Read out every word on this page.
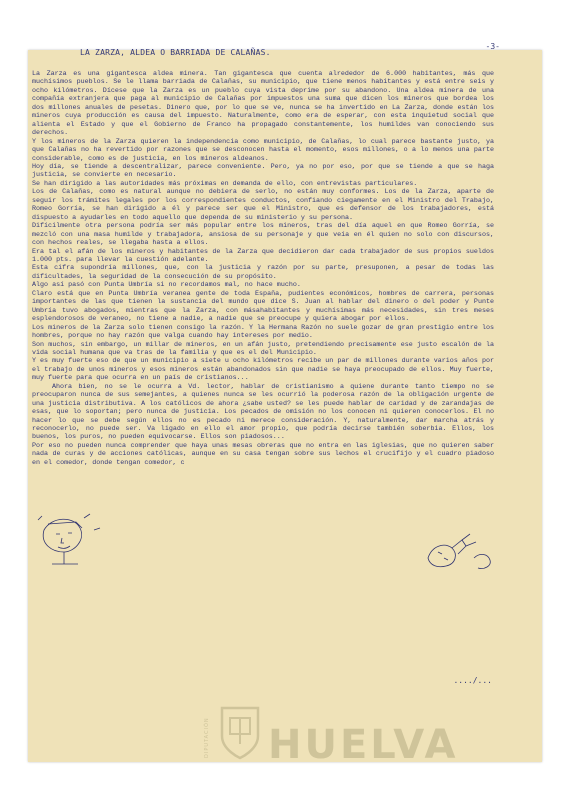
-3-
LA ZARZA, ALDEA O BARRIADA DE CALAÑAS.

La Zarza es una gigantesca aldea minera. Tan gigantesca que cuenta alrededor de 6.000 habitantes, más que muchísimos pueblos. Se le llama barriada de Calañas, su municipio, que tiene menos habitantes y está entre seis y ocho kilómetros. Dícese que la Zarza es un pueblo cuya vista deprime por su abandono. Una aldea minera de una compañía extranjera que paga al municipio de Calañas por impuestos una suma que dicen los mineros que bordea los dos millones anuales de pesetas. Dinero que, por lo que se ve, nunca se ha invertido en La Zarza, donde están los mineros cuya producción es causa del impuesto. Naturalmente, como era de esperar, con esta inquietud social que alienta el Estado y que el Gobierno de Franco ha propagado constantemente, los humildes van conociendo sus derechos.

Y los mineros de la Zarza quieren la independencia como municipio, de Calañas, lo cual parece bastante justo, ya que Calañas no ha revertido por razones que se desconocen hasta el momento, esos millones, o a lo menos una parte considerable, como es de justicia, en los mineros aldeanos.

Hoy día, se tiende a descentralizar, parece conveniente. Pero, ya no por eso, por que se tiende a que se haga justicia, se convierte en necesario.

Se han dirigido a las autoridades más próximas en demanda de ello, con entrevistas particulares.

Los de Calañas, como es natural aunque no debiera de serlo, no están muy conformes. Los de la Zarza, aparte de seguir los trámites legales por los correspondientes conductos, confiando ciegamente en el Ministro del Trabajo, Romeo Gorría, se han dirigido a él y parece ser que el Ministro, que es defensor de los trabajadores, está dispuesto a ayudarles en todo aquello que dependa de su ministerio y su persona.

Difícilmente otra persona podría ser más popular entre los mineros, tras del día aquel en que Romeo Gorría, se mezcló con una masa humilde y trabajadora, ansiosa de su personaje y que veía en él quien no solo con discursos, con hechos reales, se llegaba hasta a ellos.

Era tal el afán de los mineros y habitantes de la Zarza que decidieron dar cada trabajador de sus propios sueldos 1.000 pts. para llevar la cuestión adelante.

Esta cifra supondría millones, que, con la justicia y razón por su parte, presuponen, a pesar de todas las dificultades, la seguridad de la consecución de su propósito.

Algo así pasó con Punta Umbría si no recordamos mal, no hace mucho.

Claro está que en Punta Umbría veranea gente de toda España, pudientes económicos, hombres de carrera, personas importantes de las que tienen la sustancia del mundo que dice S. Juan al hablar del dinero o del poder y Punte Umbría tuvo abogados, mientras que la Zarza, con másahabitantes y muchísimas más necesidades, sin tres meses esplendorosos de veraneo, no tiene a nadie, a nadie que se preocupe y quiera abogar por ellos.

Los mineros de la Zarza solo tienen consigo la razón. Y la Hermana Razón no suele gozar de gran prestigio entre los hombres, porque no hay razón que valga cuando hay intereses por medio.

Son muchos, sin embargo, un millar de mineros, en un afán justo, pretendiendo precisamente ese justo escalón de la vida social humana que va tras de la familia y que es el del Municipio.

Y es muy fuerte eso de que un municipio a siete u ocho kilómetros recibe un par de millones durante varios años por el trabajo de unos mineros y esos mineros están abandonados sin que nadie se haya preocupado de ellos. Muy fuerte, muy fuerte para que ocurra en un país de cristianos...

Ahora bien, no se le ocurra a Vd. lector, hablar de cristianismo a quiene durante tanto tiempo no se preocuparon nunca de sus semejantes, a quienes nunca se les ocurrió la poderosa razón de la obligación urgente de una justicia distributiva. A los católicos de ahora ¿sabe usted? se les puede hablar de caridad y de zarandajas de esas, que lo soportan; pero nunca de justicia. Los pecados de omisión no los conocen ni quieren conocerlos. El no hacer lo que se debe según ellos no es pecado ni merece consideración. Y, naturalmente, dar marcha atrás y reconocerlo, no puede ser. Va ligado en ello el amor propio, que podría decirse también soberbia. Ellos, los buenos, los puros, no pueden equivocarse. Ellos son piadosos...

Por eso no pueden nunca comprender que haya unas mesas obreras que no entra en las iglesias, que no quieren saber nada de curas y de acciones católicas, aunque en su casa tengan sobre sus lechos el crucifijo y el cuadro piadoso en el comedor, donde tengan comedor, c

..../...
DIPUTACIÓN HUELVA
